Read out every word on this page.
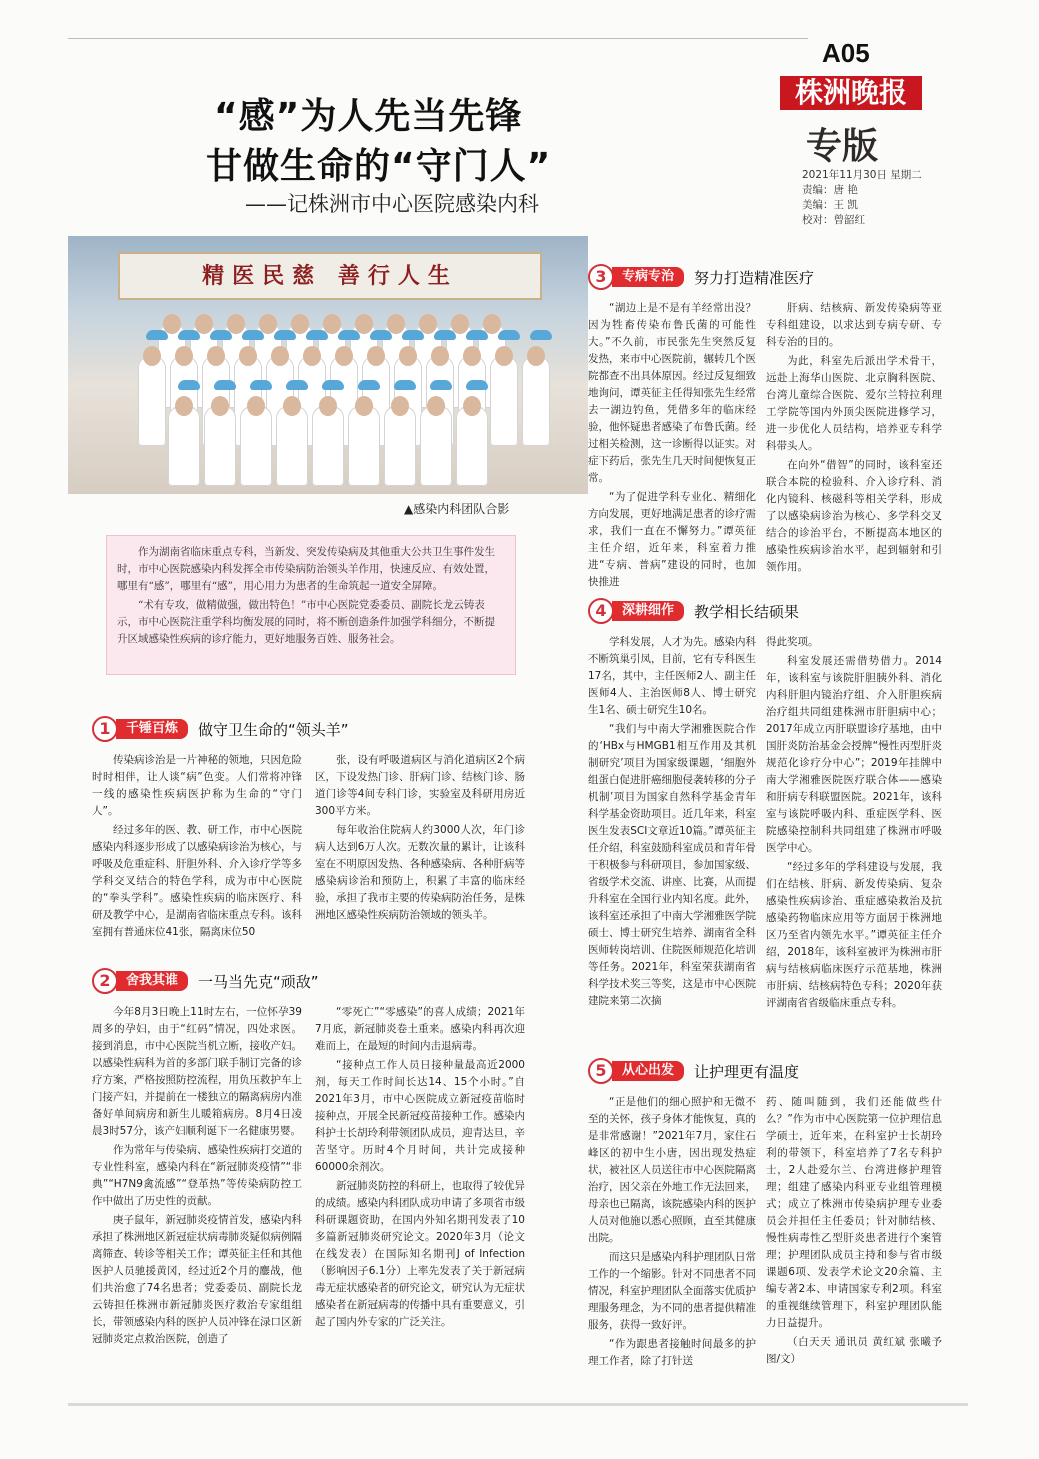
A05
株洲晚报
专版
2021年11月30日 星期二
责编：唐 艳
美编：王 凯
校对：曾韶红
“感”为人先当先锋
甘做生命的“守门人”
——记株洲市中心医院感染内科
精医民慈 善行人生
▲感染内科团队合影

作为湖南省临床重点专科，当新发、突发传染病及其他重大公共卫生事件发生时，市中心医院感染内科发挥全市传染病防治领头羊作用，快速反应、有效处置，哪里有“感”，哪里有“感”，用心用力为患者的生命筑起一道安全屏障。

“术有专攻，做精做强，做出特色！”市中心医院党委委员、副院长龙云铸表示，市中心医院注重学科均衡发展的同时，将不断创造条件加强学科细分，不断提升区域感染性疾病的诊疗能力，更好地服务百姓、服务社会。

1	千锤百炼	做守卫生命的“领头羊”

传染病诊治是一片神秘的领地，只因危险时时相伴，让人谈“病”色变。人们常将冲锋一线的感染性疾病医护称为生命的“守门人”。

经过多年的医、教、研工作，市中心医院感染内科逐步形成了以感染病诊治为核心，与呼吸及危重症科、肝胆外科、介入诊疗学等多学科交叉结合的特色学科，成为市中心医院的“拳头学科”。感染性疾病的临床医疗、科研及教学中心，是湖南省临床重点专科。该科室拥有普通床位41张，隔离床位50

张，设有呼吸道病区与消化道病区2个病区，下设发热门诊、肝病门诊、结核门诊、肠道门诊等4间专科门诊，实验室及科研用房近300平方米。

每年收治住院病人约3000人次，年门诊病人达到6万人次。无数次量的累计，让该科室在不明原因发热、各种感染病、各种肝病等感染病诊治和预防上，积累了丰富的临床经验，承担了我市主要的传染病防治任务，是株洲地区感染性疾病防治领域的领头羊。

2	舍我其谁	一马当先克“顽敌”

今年8月3日晚上11时左右，一位怀孕39周多的孕妇，由于“红码”情况，四处求医。接到消息，市中心医院当机立断，接收产妇。以感染性病科为首的多部门联手制订完备的诊疗方案，严格按照防控流程，用负压救护车上门接产妇，并提前在一楼独立的隔离病房内准备好单间病房和新生儿暖箱病房。8月4日凌晨3时57分，该产妇顺利诞下一名健康男婴。

作为常年与传染病、感染性疾病打交道的专业性科室，感染内科在“新冠肺炎疫情”“非典”“H7N9禽流感”“登革热”等传染病防控工作中做出了历史性的贡献。

庚子鼠年，新冠肺炎疫情首发，感染内科承担了株洲地区新冠症状病毒肺炎疑似病例隔离筛查、转诊等相关工作；谭英征主任和其他医护人员驰援黄冈，经过近2个月的鏖战，他们共治愈了74名患者；党委委员、副院长龙云铸担任株洲市新冠肺炎医疗救治专家组组长，带领感染内科的医护人员冲锋在渌口区新冠肺炎定点救治医院，创造了

“零死亡”“零感染”的喜人成绩；2021年7月底，新冠肺炎卷土重来。感染内科再次迎难而上，在最短的时间内击退病毒。

“接种点工作人员日接种量最高近2000剂，每天工作时间长达14、15个小时。”自2021年3月，市中心医院成立新冠疫苗临时接种点，开展全民新冠疫苗接种工作。感染内科护士长胡玲利带领团队成员，迎青达旦，辛苦坚守。历时4个月时间，共计完成接种60000余剂次。

新冠肺炎防控的科研上，也取得了较优异的成绩。感染内科团队成功申请了多项省市级科研课题资助，在国内外知名期刊发表了10多篇新冠肺炎研究论文。2020年3月（论文在线发表）在国际知名期刊J of Infection（影响因子6.1分）上率先发表了关于新冠病毒无症状感染者的研究论文，研究认为无症状感染者在新冠病毒的传播中具有重要意义，引起了国内外专家的广泛关注。

3	专病专治	努力打造精准医疗

“湖边上是不是有羊经常出没？因为牲畜传染布鲁氏菌的可能性大。”不久前，市民张先生突然反复发热，来市中心医院前，辗转几个医院都查不出具体原因。经过反复细致地询问，谭英征主任得知张先生经常去一湖边钓鱼，凭借多年的临床经验，他怀疑患者感染了布鲁氏菌。经过相关检测，这一诊断得以证实。对症下药后，张先生几天时间便恢复正常。

“为了促进学科专业化、精细化方向发展，更好地满足患者的诊疗需求，我们一直在不懈努力。”谭英征主任介绍，近年来，科室着力推进“专病、普病”建设的同时，也加快推进

肝病、结核病、新发传染病等亚专科组建设，以求达到专病专研、专科专治的目的。

为此，科室先后派出学术骨干，远赴上海华山医院、北京胸科医院、台湾儿童综合医院、爱尔兰特拉利理工学院等国内外顶尖医院进修学习，进一步优化人员结构，培养亚专科学科带头人。

在向外“借智”的同时，该科室还联合本院的检验科、介入诊疗科、消化内镜科、核磁科等相关学科，形成了以感染病诊治为核心、多学科交叉结合的诊治平台，不断提高本地区的感染性疾病诊治水平，起到辐射和引领作用。

4	深耕细作	教学相长结硕果

学科发展，人才为先。感染内科不断筑巢引凤，目前，它有专科医生17名，其中，主任医师2人、副主任医师4人、主治医师8人、博士研究生1名、硕士研究生10名。

“我们与中南大学湘雅医院合作的‘HBx与HMGB1相互作用及其机制研究’项目为国家级课题，‘细胞外组蛋白促进肝癌细胞侵袭转移的分子机制’项目为国家自然科学基金青年科学基金资助项目。近几年来，科室医生发表SCI文章近10篇。”谭英征主任介绍，科室鼓励科室成员和青年骨干积极参与科研项目，参加国家级、省级学术交流、讲座、比赛，从而提升科室在全国行业内知名度。此外，该科室还承担了中南大学湘雅医学院硕士、博士研究生培养、湖南省全科医师转岗培训、住院医师规范化培训等任务。2021年，科室荣获湖南省科学技术奖三等奖，这是市中心医院建院来第二次摘

得此奖项。

科室发展还需借势借力。2014年，该科室与该院肝胆胰外科、消化内科肝胆内镜治疗组、介入肝胆疾病治疗组共同组建株洲市肝胆病中心；2017年成立丙肝联盟诊疗基地，由中国肝炎防治基金会授牌“慢性丙型肝炎规范化诊疗分中心”；2019年挂牌中南大学湘雅医院医疗联合体——感染和肝病专科联盟医院。2021年，该科室与该院呼吸内科、重症医学科、医院感染控制科共同组建了株洲市呼吸医学中心。

“经过多年的学科建设与发展，我们在结核、肝病、新发传染病、复杂感染性疾病诊治、重症感染救治及抗感染药物临床应用等方面居于株洲地区乃至省内领先水平。”谭英征主任介绍，2018年，该科室被评为株洲市肝病与结核病临床医疗示范基地，株洲市肝病、结核病特色专科；2020年获评湖南省省级临床重点专科。

5	从心出发	让护理更有温度

“正是他们的细心照护和无微不至的关怀，孩子身体才能恢复，真的是非常感谢！”2021年7月，家住石峰区的初中生小唐，因出现发热症状，被社区人员送往市中心医院隔离治疗，因父亲在外地工作无法回来，母亲也已隔离，该院感染内科的医护人员对他施以悉心照顾，直至其健康出院。

而这只是感染内科护理团队日常工作的一个缩影。针对不同患者不同情况，科室护理团队全面落实优质护理服务理念，为不同的患者提供精准服务，获得一致好评。

“作为跟患者接触时间最多的护理工作者，除了打针送

药、随叫随到，我们还能做些什么？”作为市中心医院第一位护理信息学硕士，近年来，在科室护士长胡玲利的带领下，科室培养了7名专科护士，2人赴爱尔兰、台湾进修护理管理；组建了感染内科亚专业组管理模式；成立了株洲市传染病护理专业委员会并担任主任委员；针对肺结核、慢性病毒性乙型肝炎患者进行个案管理；护理团队成员主持和参与省市级课题6项、发表学术论文20余篇、主编专著2本、申请国家专利2项。科室的重视继续管理下，科室护理团队能力日益提升。

（白天天 通讯员 黄红斌 张曦予 图/文）
